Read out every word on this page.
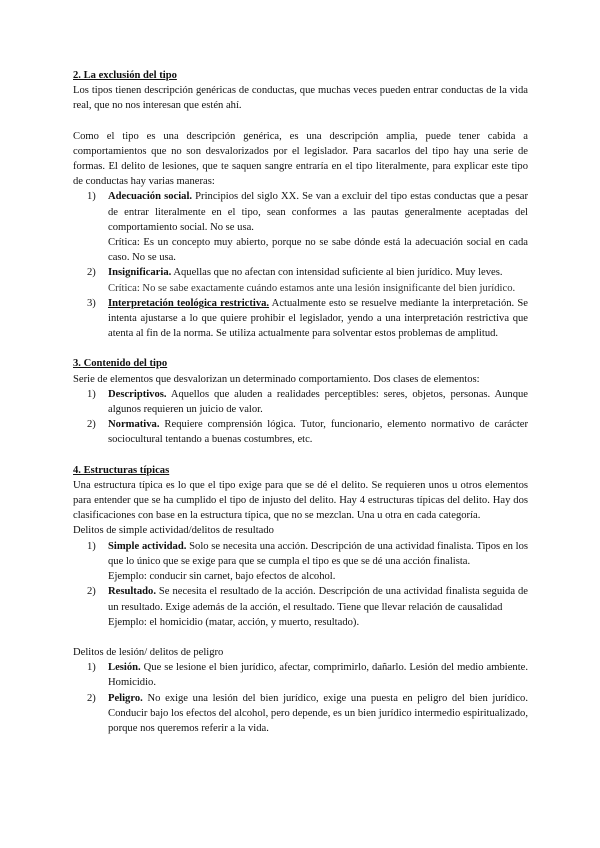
2. La exclusión del tipo

Los tipos tienen descripción genéricas de conductas, que muchas veces pueden entrar conductas de la vida real, que no nos interesan que estén ahí.

Como el tipo es una descripción genérica, es una descripción amplia, puede tener cabida a comportamientos que no son desvalorizados por el legislador. Para sacarlos del tipo hay una serie de formas. El delito de lesiones, que te saquen sangre entraría en el tipo literalmente, para explicar este tipo de conductas hay varias maneras:

1) Adecuación social. Principios del siglo XX. Se van a excluir del tipo estas conductas que a pesar de entrar literalmente en el tipo, sean conformes a las pautas generalmente aceptadas del comportamiento social. No se usa.

Crítica: Es un concepto muy abierto, porque no se sabe dónde está la adecuación social en cada caso. No se usa.

2) Insignificaria. Aquellas que no afectan con intensidad suficiente al bien jurídico. Muy leves.

Crítica: No se sabe exactamente cuándo estamos ante una lesión insignificante del bien jurídico.

3) Interpretación teológica restrictiva. Actualmente esto se resuelve mediante la interpretación. Se intenta ajustarse a lo que quiere prohibir el legislador, yendo a una interpretación restrictiva que atenta al fin de la norma. Se utiliza actualmente para solventar estos problemas de amplitud.

3. Contenido del tipo

Serie de elementos que desvalorizan un determinado comportamiento. Dos clases de elementos:

1) Descriptivos. Aquellos que aluden a realidades perceptibles: seres, objetos, personas. Aunque algunos requieren un juicio de valor.

2) Normativa. Requiere comprensión lógica. Tutor, funcionario, elemento normativo de carácter sociocultural tentando a buenas costumbres, etc.

4. Estructuras típicas

Una estructura típica es lo que el tipo exige para que se dé el delito. Se requieren unos u otros elementos para entender que se ha cumplido el tipo de injusto del delito. Hay 4 estructuras típicas del delito. Hay dos clasificaciones con base en la estructura típica, que no se mezclan. Una u otra en cada categoría.

Delitos de simple actividad/delitos de resultado

1) Simple actividad. Solo se necesita una acción. Descripción de una actividad finalista. Tipos en los que lo único que se exige para que se cumpla el tipo es que se dé una acción finalista.

Ejemplo: conducir sin carnet, bajo efectos de alcohol.

2) Resultado. Se necesita el resultado de la acción. Descripción de una actividad finalista seguida de un resultado. Exige además de la acción, el resultado. Tiene que llevar relación de causalidad

Ejemplo: el homicidio (matar, acción, y muerto, resultado).

Delitos de lesión/ delitos de peligro

1) Lesión. Que se lesione el bien jurídico, afectar, comprimirlo, dañarlo. Lesión del medio ambiente. Homicidio.

2) Peligro. No exige una lesión del bien jurídico, exige una puesta en peligro del bien jurídico. Conducir bajo los efectos del alcohol, pero depende, es un bien jurídico intermedio espiritualizado, porque nos queremos referir a la vida.
